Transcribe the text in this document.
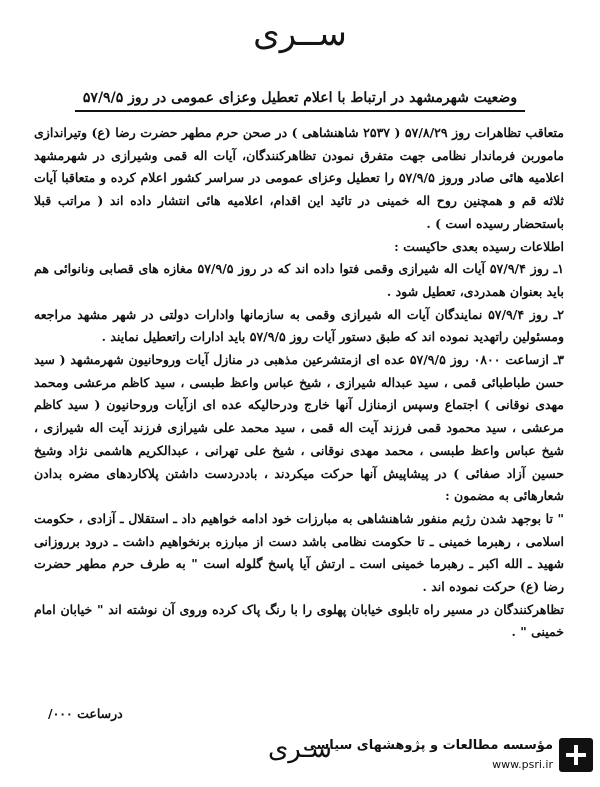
ســرى
وضعیت شهرمشهد در ارتباط با اعلام تعطیل وعزای عمومی در روز ۵۷/۹/۵

متعاقب تظاهرات روز ۵۷/۸/۲۹ ( ۲۵۳۷ شاهنشاهی ) در صحن حرم مطهر حضرت رضا (ع) وتیراندازی ماموربن فرماندار نظامی جهت متفرق نمودن تظاهرکنندگان، آیات اله قمی وشیرازی در شهرمشهد اعلامیه هائی صادر وروز ۵۷/۹/۵ را تعطیل وعزای عمومی در سراسر کشور اعلام کرده و متعاقبا آیات ثلاثه قم و همچنین روح اله خمینی در تائید این اقدام، اعلامیه هائی انتشار داده اند ( مراتب قبلا باستحضار رسیده است ) .

اطلاعات رسیده بعدی حاکیست :

۱ـ روز ۵۷/۹/۴ آیات اله شیرازی وقمی فتوا داده اند که در روز ۵۷/۹/۵ مغازه های قصابی ونانوائی هم باید بعنوان همدردی، تعطیل شود .

۲ـ روز ۵۷/۹/۴ نمایندگان آیات اله شیرازی وقمی به سازمانها وادارات دولتی در شهر مشهد مراجعه ومسئولین راتهدید نموده اند که طبق دستور آیات روز ۵۷/۹/۵ باید ادارات راتعطیل نمایند .

۳ـ ازساعت ۰۸۰۰ روز ۵۷/۹/۵ عده ای ازمتشرعین مذهبی در منازل آیات وروحانیون شهرمشهد ( سید حسن طباطبائی قمی ، سید عبداله شیرازی ، شیخ عباس واعظ طبسی ، سید کاظم مرعشی ومحمد مهدی نوقانی ) اجتماع وسپس ازمنازل آنها خارج ودرحالیکه عده ای ازآیات وروحانیون ( سید کاظم مرعشی ، سید محمود قمی فرزند آیت اله قمی ، سید محمد علی شیرازی فرزند آیت اله شیرازی ، شیخ عباس واعظ طبسی ، محمد مهدی نوقانی ، شیخ علی تهرانی ، عبدالکریم هاشمی نژاد وشیخ حسین آزاد صفائی ) در پیشاپیش آنها حرکت میکردند ، باددردست داشتن پلاکاردهای مضره بدادن شعارهائی به مضمون :

" تا بوجهد شدن رژیم منفور شاهنشاهی به مبارزات خود ادامه خواهیم داد ـ استقلال ـ آزادی ، حکومت اسلامی ، رهبرما خمینی ـ تا حکومت نظامی باشد دست از مبارزه برنخواهیم داشت ـ درود برروزانی شهید ـ الله اکبر ـ رهبرما خمینی است ـ ارتش آیا پاسخ گلوله است " به طرف حرم مطهر حضرت رضا (ع) حرکت نموده اند .

تظاهرکنندگان در مسیر راه تابلوی خیابان پهلوی را با رنگ پاک کرده وروی آن نوشته اند " خیابان امام خمینی " .

درساعت ۰۰۰/
سـرى
مؤسسه مطالعات و پژوهشهای سیاسی
www.psri.ir
